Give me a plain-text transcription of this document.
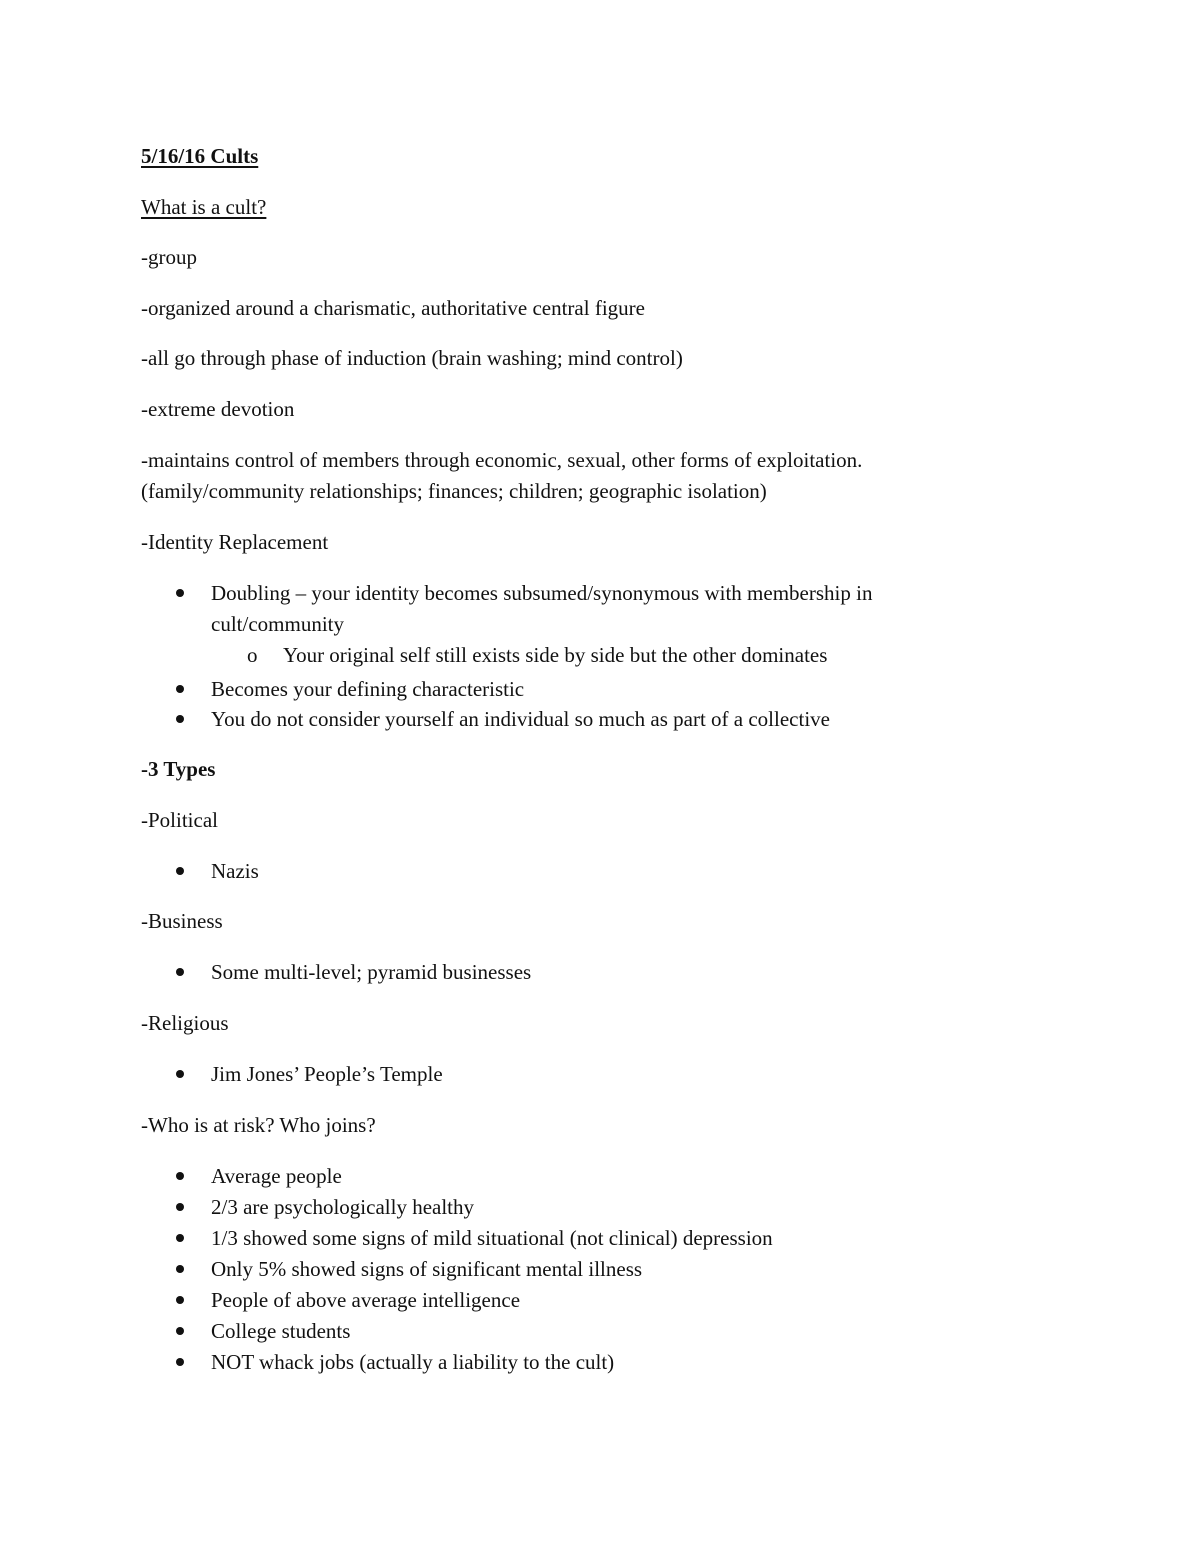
5/16/16 Cults
What is a cult?
-group
-organized around a charismatic, authoritative central figure
-all go through phase of induction (brain washing; mind control)
-extreme devotion
-maintains control of members through economic, sexual, other forms of exploitation.
(family/community relationships; finances; children; geographic isolation)
-Identity Replacement
Doubling – your identity becomes subsumed/synonymous with membership in
cult/community
o Your original self still exists side by side but the other dominates
Becomes your defining characteristic
You do not consider yourself an individual so much as part of a collective
-3 Types
-Political
Nazis
-Business
Some multi-level; pyramid businesses
-Religious
Jim Jones’ People’s Temple
-Who is at risk? Who joins?
Average people
2/3 are psychologically healthy
1/3 showed some signs of mild situational (not clinical) depression
Only 5% showed signs of significant mental illness
People of above average intelligence
College students
NOT whack jobs (actually a liability to the cult)
